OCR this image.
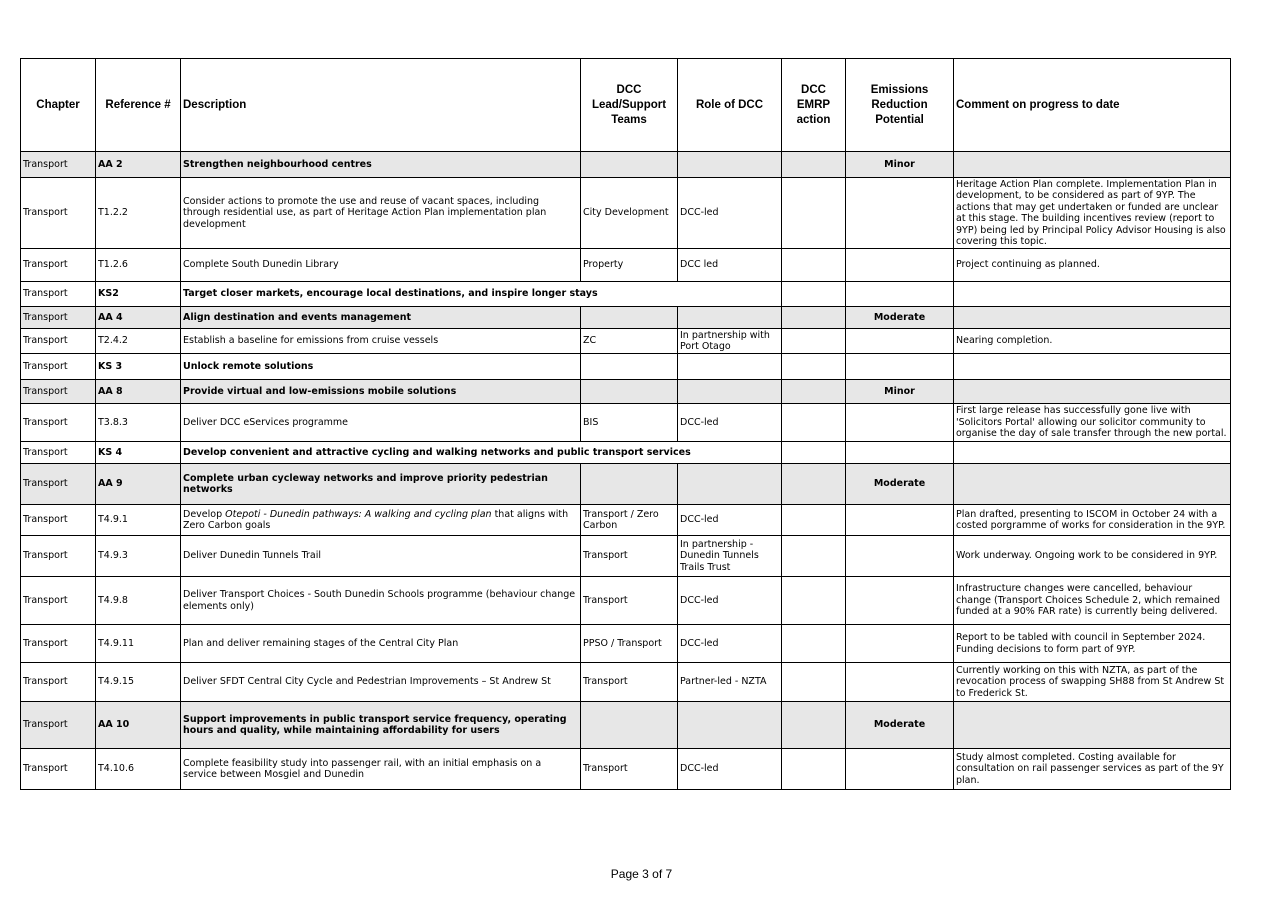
Chapter	Reference #	Description	DCC Lead/Support Teams	Role of DCC	DCC EMRP action	Emissions Reduction Potential	Comment on progress to date
Transport	AA 2	Strengthen neighbourhood centres				Minor	
Transport	T1.2.2	Consider actions to promote the use and reuse of vacant spaces, including through residential use, as part of Heritage Action Plan implementation plan development	City Development	DCC-led			Heritage Action Plan complete. Implementation Plan in development, to be considered as part of 9YP. The actions that may get undertaken or funded are unclear at this stage. The building incentives review (report to 9YP) being led by Principal Policy Advisor Housing is also covering this topic.
Transport	T1.2.6	Complete South Dunedin Library	Property	DCC led			Project continuing as planned.
Transport	KS2	Target closer markets, encourage local destinations, and inspire longer stays					
Transport	AA 4	Align destination and events management				Moderate	
Transport	T2.4.2	Establish a baseline for emissions from cruise vessels	ZC	In partnership with Port Otago			Nearing completion.
Transport	KS 3	Unlock remote solutions					
Transport	AA 8	Provide virtual and low-emissions mobile solutions				Minor	
Transport	T3.8.3	Deliver DCC eServices programme	BIS	DCC-led			First large release has successfully gone live with 'Solicitors Portal' allowing our solicitor community to organise the day of sale transfer through the new portal.
Transport	KS 4	Develop convenient and attractive cycling and walking networks and public transport services					
Transport	AA 9	Complete urban cycleway networks and improve priority pedestrian networks				Moderate	
Transport	T4.9.1	Develop Otepoti - Dunedin pathways: A walking and cycling plan that aligns with Zero Carbon goals	Transport / Zero Carbon	DCC-led			Plan drafted, presenting to ISCOM in October 24 with a costed porgramme of works for consideration in the 9YP.
Transport	T4.9.3	Deliver Dunedin Tunnels Trail	Transport	In partnership - Dunedin Tunnels Trails Trust			Work underway. Ongoing work to be considered in 9YP.
Transport	T4.9.8	Deliver Transport Choices - South Dunedin Schools programme (behaviour change elements only)	Transport	DCC-led			Infrastructure changes were cancelled, behaviour change (Transport Choices Schedule 2, which remained funded at a 90% FAR rate) is currently being delivered.
Transport	T4.9.11	Plan and deliver remaining stages of the Central City Plan	PPSO / Transport	DCC-led			Report to be tabled with council in September 2024. Funding decisions to form part of 9YP.
Transport	T4.9.15	Deliver SFDT Central City Cycle and Pedestrian Improvements – St Andrew St	Transport	Partner-led - NZTA			Currently working on this with NZTA, as part of the revocation process of swapping SH88 from St Andrew St to Frederick St.
Transport	AA 10	Support improvements in public transport service frequency, operating hours and quality, while maintaining affordability for users				Moderate	
Transport	T4.10.6	Complete feasibility study into passenger rail, with an initial emphasis on a service between Mosgiel and Dunedin	Transport	DCC-led			Study almost completed. Costing available for consultation on rail passenger services as part of the 9Y plan.
Page 3 of 7
